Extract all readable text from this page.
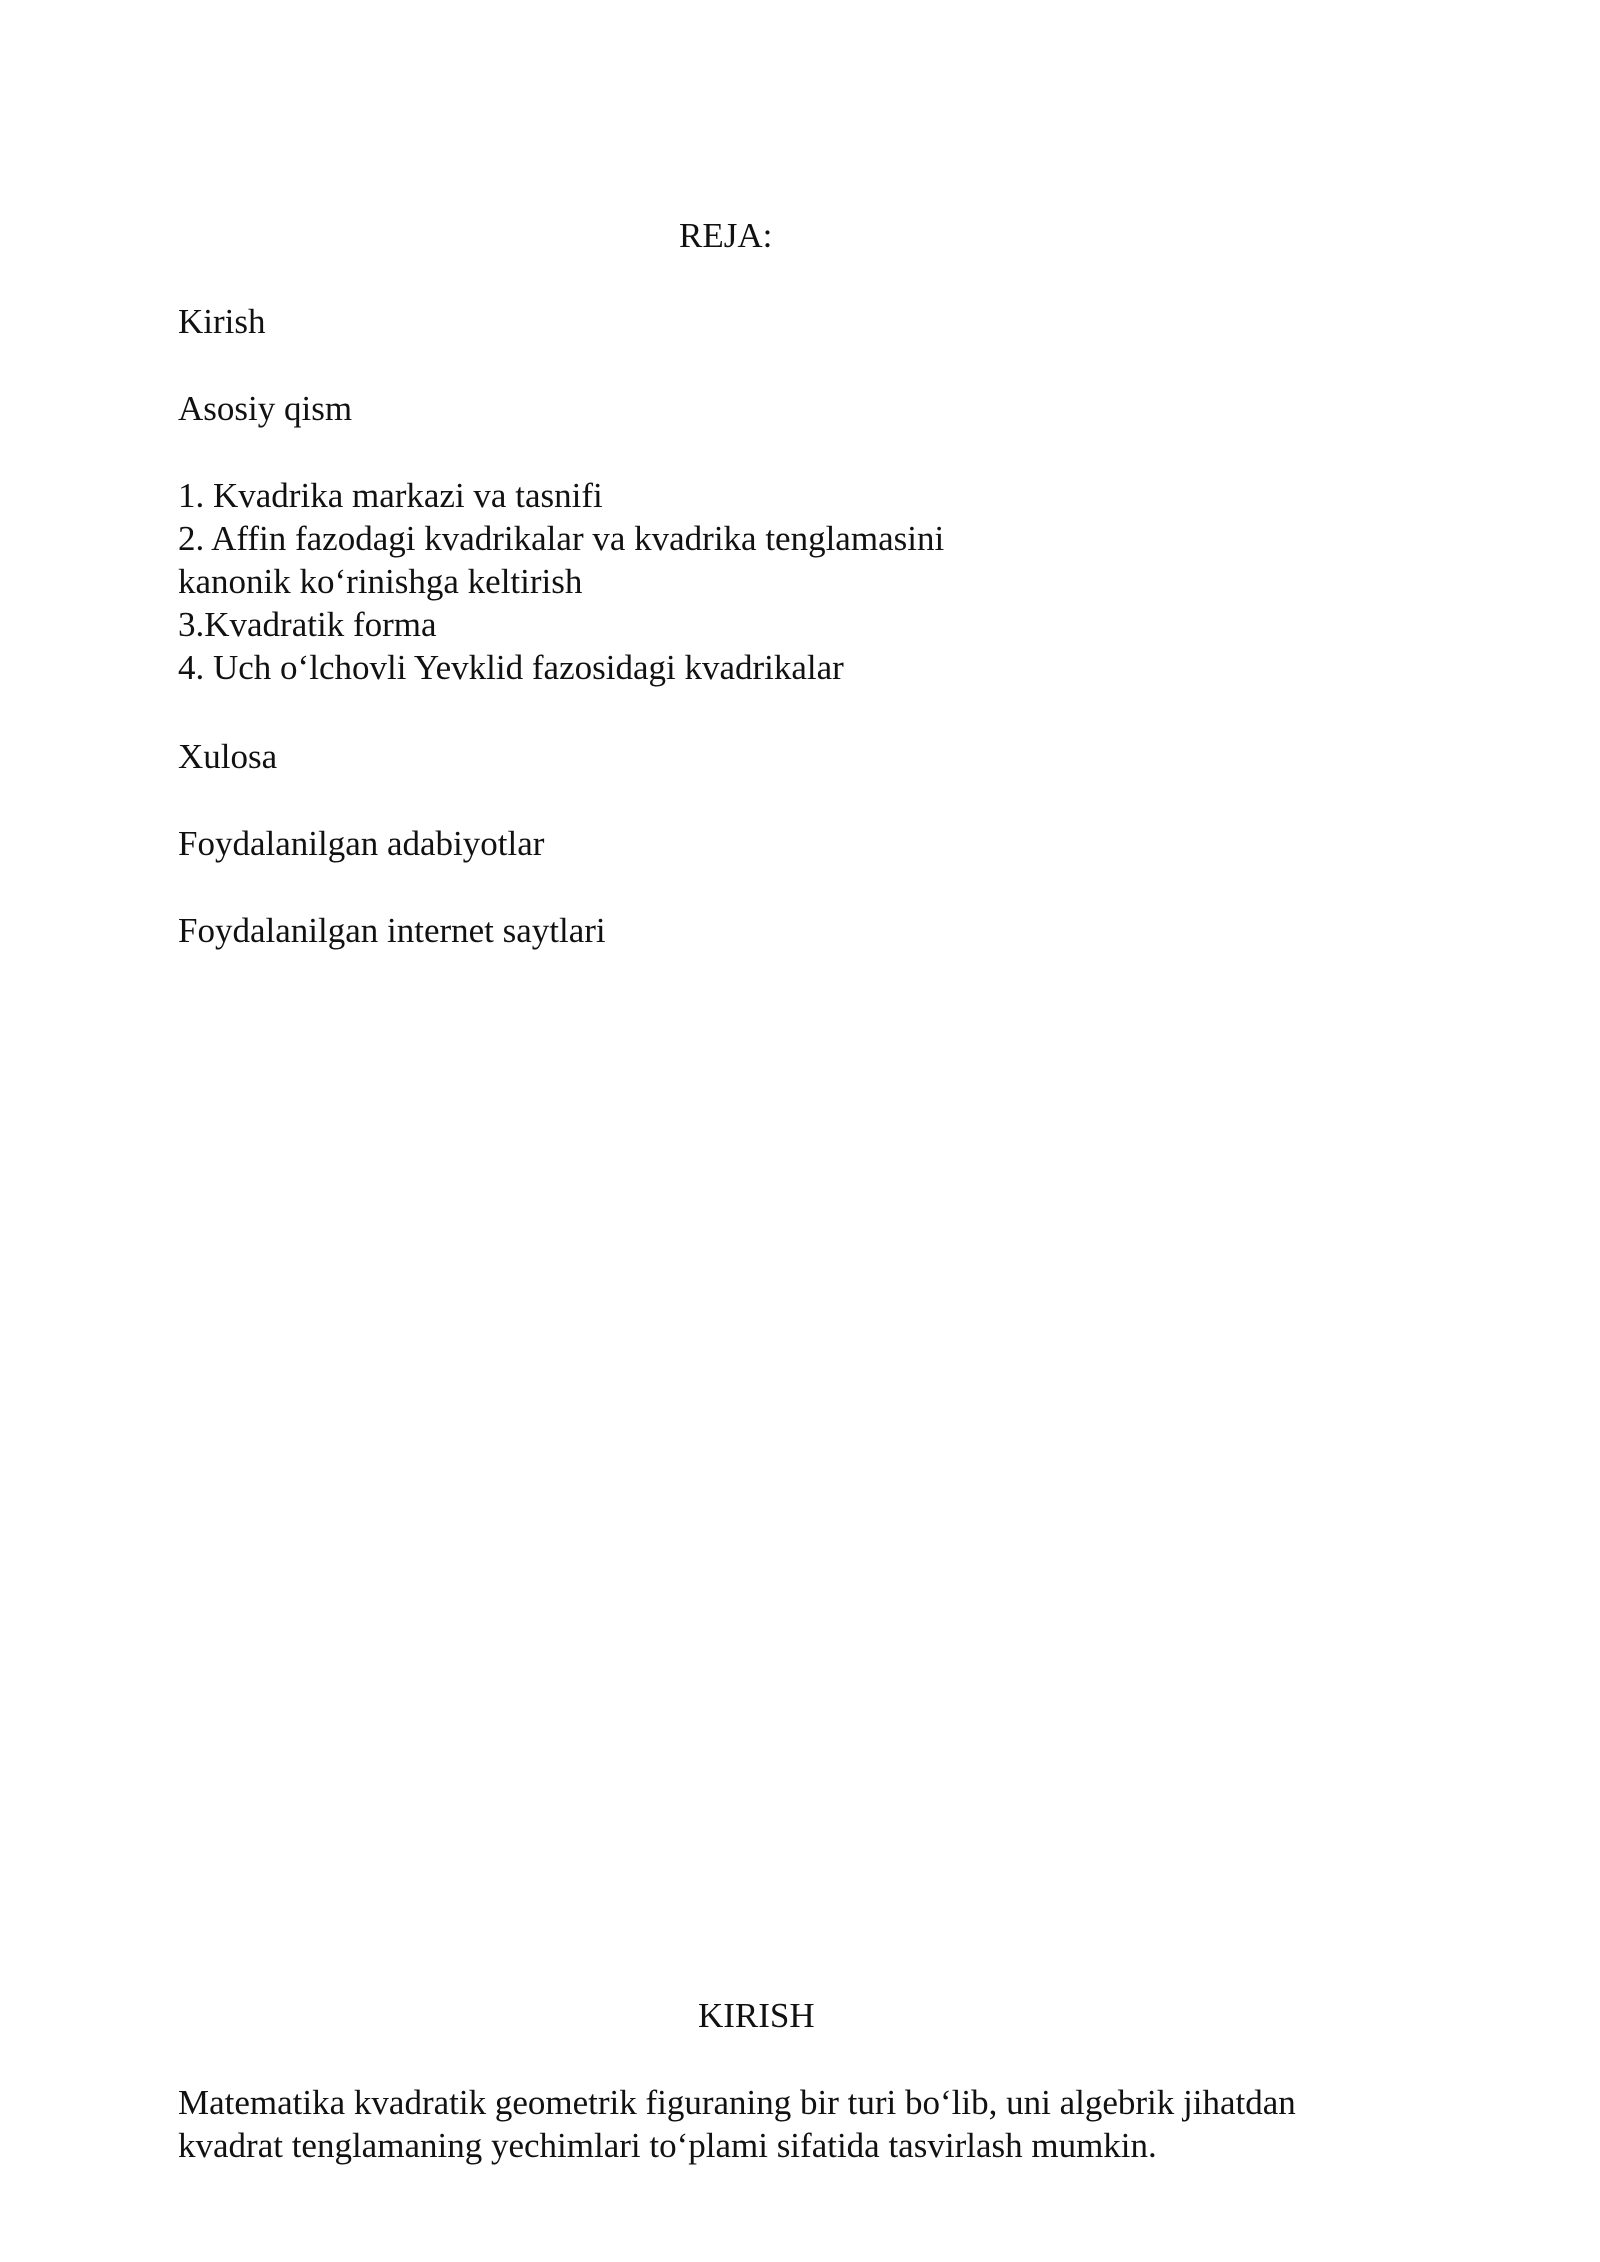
REJA:
Kirish
Asosiy qism
1. Kvadrika markazi va tasnifi
2. Affin fazodagi kvadrikalar va kvadrika tenglamasini
kanonik ko‘rinishga keltirish
3.Kvadratik forma
4. Uch o‘lchovli Yevklid fazosidagi kvadrikalar
Xulosa
Foydalanilgan adabiyotlar
Foydalanilgan internet saytlari
KIRISH
Matematika kvadratik geometrik figuraning bir turi bo‘lib, uni algebrik jihatdan
kvadrat tenglamaning yechimlari to‘plami sifatida tasvirlash mumkin.
